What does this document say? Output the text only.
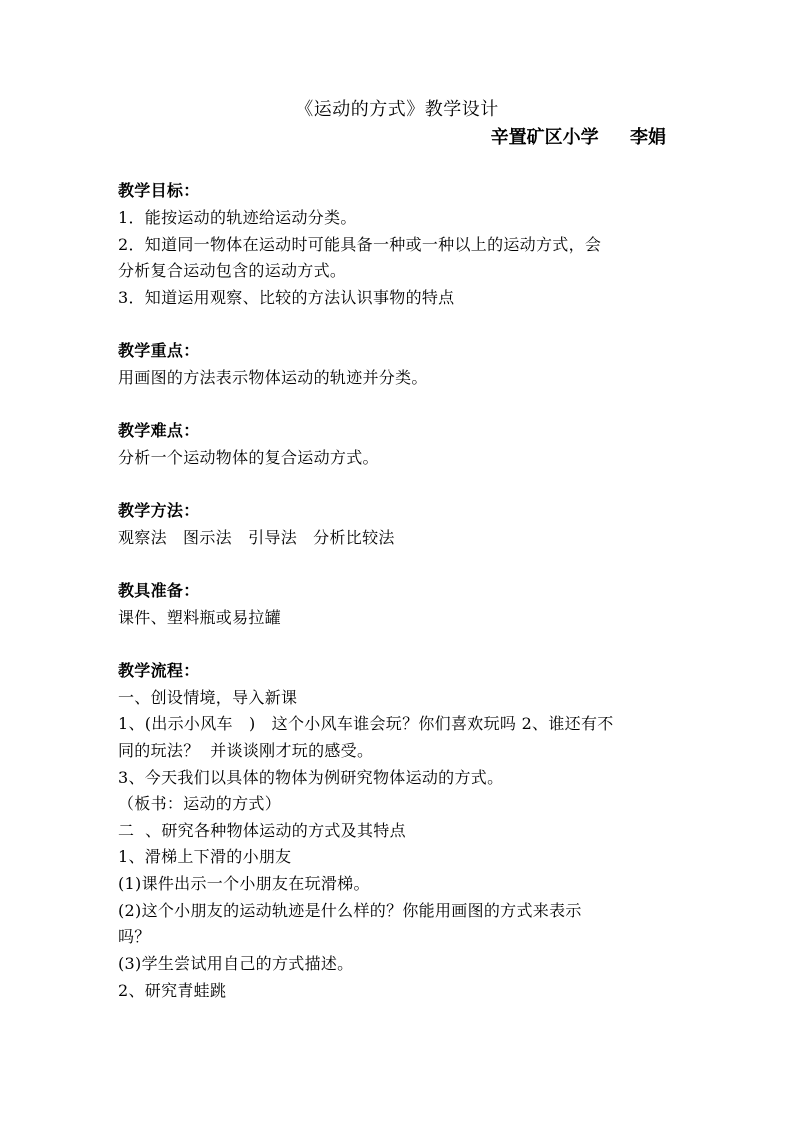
《运动的方式》教学设计
辛置矿区小学     李娟
教学目标：
1．能按运动的轨迹给运动分类。
2．知道同一物体在运动时可能具备一种或一种以上的运动方式，会
分析复合运动包含的运动方式。
3．知道运用观察、比较的方法认识事物的特点
教学重点：
用画图的方法表示物体运动的轨迹并分类。
教学难点：
分析一个运动物体的复合运动方式。
教学方法：
观察法   图示法   引导法   分析比较法
教具准备：
课件、塑料瓶或易拉罐
教学流程：
一、创设情境，导入新课
1、(出示小风车   )   这个小风车谁会玩？你们喜欢玩吗 2、谁还有不
同的玩法？  并谈谈刚才玩的感受。
3、今天我们以具体的物体为例研究物体运动的方式。
（板书：运动的方式）
二  、研究各种物体运动的方式及其特点
1、滑梯上下滑的小朋友
(1)课件出示一个小朋友在玩滑梯。
(2)这个小朋友的运动轨迹是什么样的？你能用画图的方式来表示
吗？
(3)学生尝试用自己的方式描述。
2、研究青蛙跳
